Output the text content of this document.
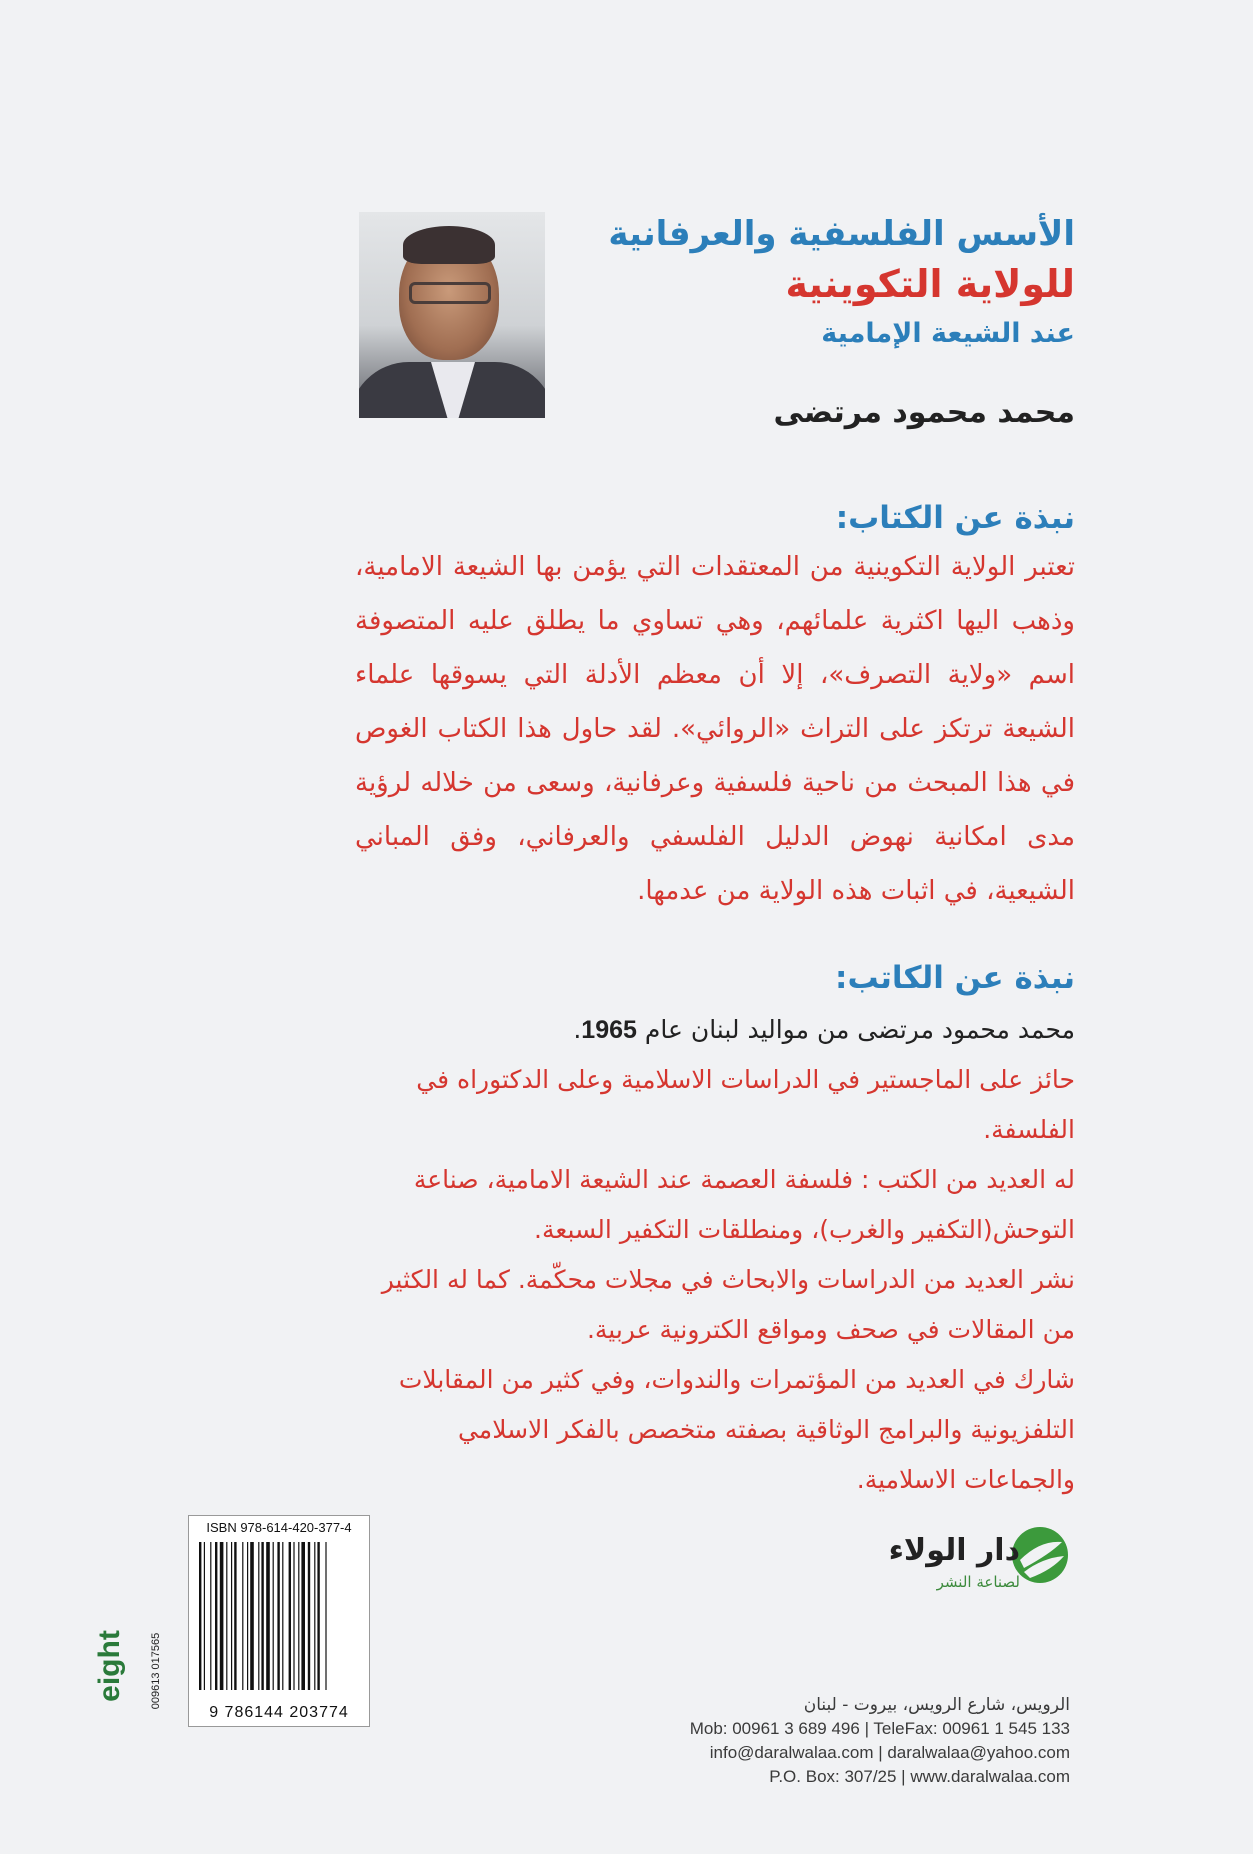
الأسس الفلسفية والعرفانية
للولاية التكوينية
عند الشيعة الإمامية
محمد محمود مرتضى
نبذة عن الكتاب:
تعتبر الولاية التكوينية من المعتقدات التي يؤمن بها الشيعة الامامية، وذهب اليها اكثرية علمائهم، وهي تساوي ما يطلق عليه المتصوفة اسم «ولاية التصرف»، إلا أن معظم الأدلة التي يسوقها علماء الشيعة ترتكز على التراث «الروائي». لقد حاول هذا الكتاب الغوص في هذا المبحث من ناحية فلسفية وعرفانية، وسعى من خلاله لرؤية مدى امكانية نهوض الدليل الفلسفي والعرفاني، وفق المباني الشيعية، في اثبات هذه الولاية من عدمها.
نبذة عن الكاتب:

محمد محمود مرتضى من مواليد لبنان عام 1965.

حائز على الماجستير في الدراسات الاسلامية وعلى الدكتوراه في الفلسفة.

له العديد من الكتب : فلسفة العصمة عند الشيعة الامامية، صناعة التوحش(التكفير والغرب)، ومنطلقات التكفير السبعة.

نشر العديد من الدراسات والابحاث في مجلات محكّمة. كما له الكثير من المقالات في صحف ومواقع الكترونية عربية.

شارك في العديد من المؤتمرات والندوات، وفي كثير من المقابلات التلفزيونية والبرامج الوثاقية بصفته متخصص بالفكر الاسلامي والجماعات الاسلامية.

eight 009613 017565
ISBN 978-614-420-377-4
9 786144 203774
دار الولاء
لصناعة النشر
الرويس، شارع الرويس، بيروت - لبنان
Mob: 00961 3 689 496 | TeleFax: 00961 1 545 133
info@daralwalaa.com | daralwalaa@yahoo.com
P.O. Box: 307/25 | www.daralwalaa.com
